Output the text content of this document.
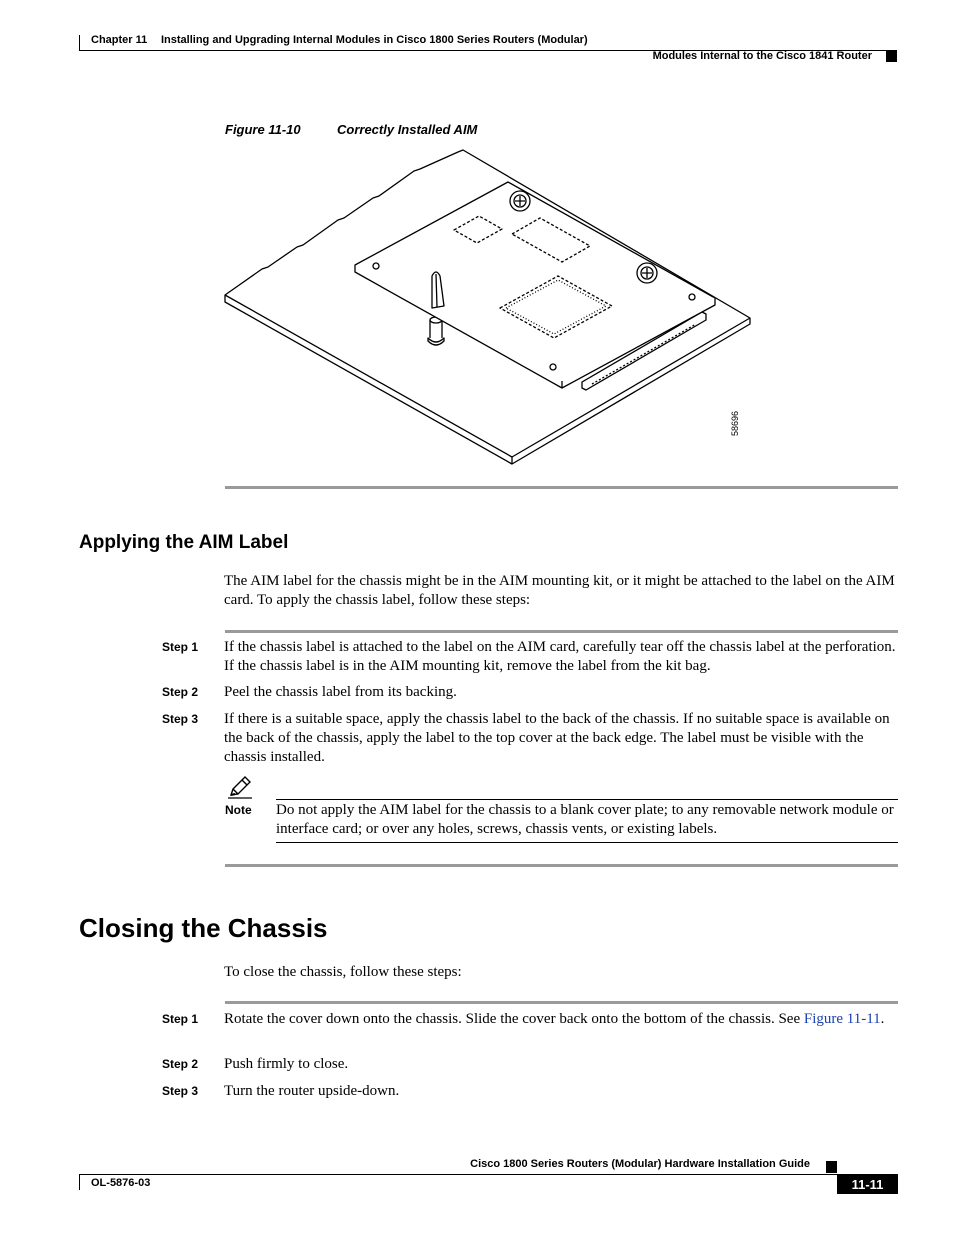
Chapter 11 Installing and Upgrading Internal Modules in Cisco 1800 Series Routers (Modular)
Modules Internal to the Cisco 1841 Router
Figure 11-10	Correctly Installed AIM
58696
Applying the AIM Label
The AIM label for the chassis might be in the AIM mounting kit, or it might be attached to the label on the AIM card. To apply the chassis label, follow these steps:
Step 1 If the chassis label is attached to the label on the AIM card, carefully tear off the chassis label at the perforation. If the chassis label is in the AIM mounting kit, remove the label from the kit bag.
Step 2 Peel the chassis label from its backing.
Step 3 If there is a suitable space, apply the chassis label to the back of the chassis. If no suitable space is available on the back of the chassis, apply the label to the top cover at the back edge. The label must be visible with the chassis installed.
Note Do not apply the AIM label for the chassis to a blank cover plate; to any removable network module or interface card; or over any holes, screws, chassis vents, or existing labels.
Closing the Chassis
To close the chassis, follow these steps:
Step 1 Rotate the cover down onto the chassis. Slide the cover back onto the bottom of the chassis. See Figure 11-11.
Step 2 Push firmly to close.
Step 3 Turn the router upside-down.
Cisco 1800 Series Routers (Modular) Hardware Installation Guide
OL-5876-03	11-11
